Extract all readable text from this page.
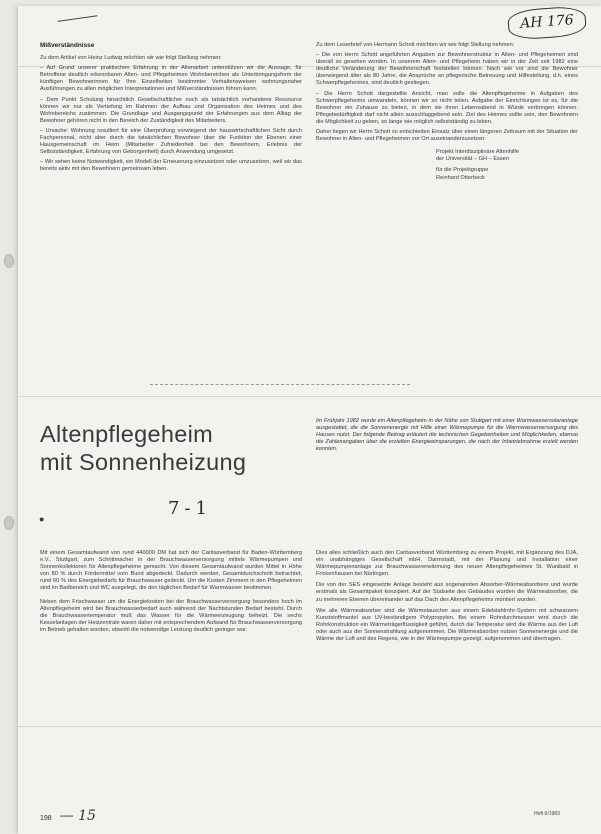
AH 176
Mißverständnisse

Zu dem Artikel von Heinz Ludwig möchten wir wie folgt Stellung nehmen:

– Auf Grund unserer praktischen Erfahrung in der Altenarbeit unterstützen wir die Aussage, für Betroffene deutlich erkennbaren Alten- und Pflegeheimen Wohnbereichen als Unterbringungsform der künftigen Bewohnerinnen für Ihre Einzelheiten bestimmter Verhaltensweisen wohnungsnaher Ausführungen zu allen möglichen Interpretationen und Mißverständnissen führen kann.

– Dem Punkt Schulung hinsichtlich Gesellschaftlicher noch als tatsächlich vorhandene Ressource können wir nur als Vertiefung im Rahmen der Aufbau und Organisation des Heimes und des Wohnbereichs zustimmen. Die Grundlage und Ausgangspunkt der Erfahrungen aus dem Alltag der Bewohner gehören nicht in den Bereich der Zuständigkeit des Mitarbeiters.

– Ursache: Wohnung resultiert für eine Überprüfung vorwiegend der hauswirtschaftlichen Sicht durch Fachpersonal, nicht aber durch die tatsächlichen Bewohner über die Funktion der Ebenen einer Hausgemeinschaft im Heim (Mitarbeiter Zufriedenheit bei den Bewohnern, Erlebnis der Selbstständigkeit, Erfahrung von Geborgenheit) durch Anwendung umgesetzt.

– Wir sehen keine Notwendigkeit, ein Modell der Erneuerung einzusetzen oder umzusetzen, weil wir das bereits aktiv mit den Bewohnern gemeinsam leben.

Zu dem Leserbrief von Hermann Schott möchten wir wie folgt Stellung nehmen:

– Die von Herrn Schott angeführten Angaben zur Bewohnerstruktur in Alten- und Pflegeheimen sind überall so gesehen worden. In unserem Alten- und Pflegeheim haben wir in der Zeit seit 1982 eine deutliche Veränderung der Bewohnerschaft feststellen können. Nach wie vor sind die Bewohner überwiegend älter als 80 Jahre, die Ansprüche an pflegerische Betreuung und Hilfestellung, d.h. eines Schwerpflegeheimes, sind deutlich gestiegen.

– Die Herrn Schott dargestellte Ansicht, man solle die Altenpflegeheime in Aufgaben des Schwerpflegeheims umwandeln, können wir so nicht teilen. Aufgabe der Einrichtungen ist es, für die Bewohner ein Zuhause zu bieten, in dem sie ihren Lebensabend in Würde verbringen können. Pflegebedürftigkeit darf nicht allein ausschlaggebend sein. Ziel des Heimes sollte sein, den Bewohnern die Möglichkeit zu geben, so lange wie möglich selbstständig zu leben.

Daher liegen wir Herrn Schott so entschieden Einsatz über einen längeren Zeitraum mit der Situation der Bewohner in Alten- und Pflegeheimen vor Ort auseinanderzusetzen.

Projekt Interdisziplinäre Altenhilfe
der Universität – GH – Essen
für die Projektgruppe
Reinhard Otterbeck
Altenpflegeheim
mit Sonnenheizung
Im Frühjahr 1982 wurde ein Altenpflegeheim in der Nähe von Stuttgart mit einer Warmwassersolaranlage ausgestattet, die die Sonnenenergie mit Hilfe einer Wärmepumpe für die Warmwasserversorgung des Hauses nutzt. Der folgende Beitrag erläutert die technischen Gegebenheiten und Möglichkeiten, ebenso die Zahlenangaben über die erzielten Energieeinsparungen, die nach der Inbetriebnahme erzielt werden konnten.
7-1
●

Mit einem Gesamtaufwand von rund 440000 DM hat sich der Caritasverband für Baden-Württemberg e.V., Stuttgart, zum Schrittmacher in der Brauchwasserversorgung mittels Wärmepumpen und Sonnenkollektoren für Altenpflegeheime gemacht. Von diesem Gesamtaufwand wurden Mittel in Höhe von 80 % durch Fördermittel vom Bund abgedeckt. Dadurch werden, Gesamtdurchschnitt betrachtet, rund 60 % des Energiebedarfs für Brauchwasser gedeckt. Um die Kosten Zimmern in den Pflegeheimen sind im Badbereich und WC ausgelegt, die den täglichen Bedarf für Warmwasser bestimmen.

Neben dem Frischwasser um die Energiekosten bei der Brauchwasserversorgung besonders hoch im Altenpflegeheim wird bei Brauchwasserbedarf auch während der Nachtstunden Bedarf besteht. Durch die Brauchwassertemperatur muß das Wasser für die Wärmeerzeugung beheizt. Die sechs Kesselanlagen der Heizzentrale waren daher mit entsprechendem Aufwand für Brauchwasserversorgung im Betrieb gehalten worden, obwohl die notwendige Leistung deutlich geringer war.

Dies alles schließlich auch den Caritasverband Württemberg zu einem Projekt, mit Ergänzung des DJA, ein unabhängiges Gesellschaft mbH, Darmstadt, mit der Planung und Installation einer Wärmepumpenanlage zur Brauchwassererwärmung des neuen Altenpflegeheimes St. Wunibald in Frickenhausen bei Nürtingen.

Die von der SES eingesetzte Anlage besteht aus sogenannten Absorber-Wärmeabsorbern und wurde erstmals als Gesamtpaket konzipiert. Auf der Südseite des Gebäudes wurden die Wärmeabsorber, die zu mehreren Ebenen übereinander auf das Dach des Altenpflegeheims montiert wurden.

Wie alle Wärmeabsorber sind die Wärmetauscher aus einem Edelstahlrohr-System mit schwarzem Kunststoffmantel aus UV-beständigem Polypropylen. Bei einem Rohrdurchmesser wird durch die Rohrkonstruktion ein Wärmeträgerflüssigkeit geführt, durch die Temperatur wird die Wärme aus der Luft oder auch aus der Sonnenstrahlung aufgenommen. Die Wärmeabsorber nutzen Sonnenenergie und die Wärme der Luft und des Regens, wie in der Wärmepumpe gezeigt, aufgenommen und übertragen.

198 — 15	Heft 6/1983
